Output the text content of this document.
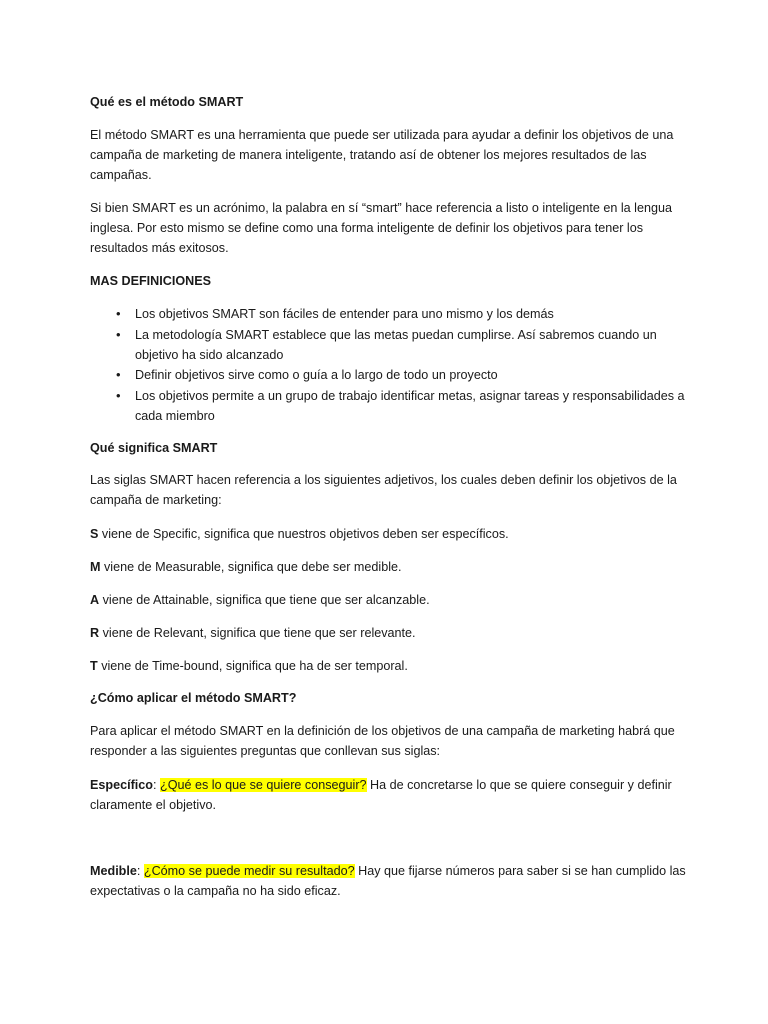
Qué es el método SMART

El método SMART es una herramienta que puede ser utilizada para ayudar a definir los objetivos de una campaña de marketing de manera inteligente, tratando así de obtener los mejores resultados de las campañas.

Si bien SMART es un acrónimo, la palabra en sí “smart” hace referencia a listo o inteligente en la lengua inglesa. Por esto mismo se define como una forma inteligente de definir los objetivos para tener los resultados más exitosos.

MAS DEFINICIONES

• Los objetivos SMART son fáciles de entender para uno mismo y los demás
• La metodología SMART establece que las metas puedan cumplirse. Así sabremos cuando un objetivo ha sido alcanzado
• Definir objetivos sirve como o guía a lo largo de todo un proyecto
• Los objetivos permite a un grupo de trabajo identificar metas, asignar tareas y responsabilidades a cada miembro

Qué significa SMART

Las siglas SMART hacen referencia a los siguientes adjetivos, los cuales deben definir los objetivos de la campaña de marketing:

S viene de Specific, significa que nuestros objetivos deben ser específicos.

M viene de Measurable, significa que debe ser medible.

A viene de Attainable, significa que tiene que ser alcanzable.

R viene de Relevant, significa que tiene que ser relevante.

T viene de Time-bound, significa que ha de ser temporal.

¿Cómo aplicar el método SMART?

Para aplicar el método SMART en la definición de los objetivos de una campaña de marketing habrá que responder a las siguientes preguntas que conllevan sus siglas:

Específico: ¿Qué es lo que se quiere conseguir? Ha de concretarse lo que se quiere conseguir y definir claramente el objetivo.

Medible: ¿Cómo se puede medir su resultado? Hay que fijarse números para saber si se han cumplido las expectativas o la campaña no ha sido eficaz.
